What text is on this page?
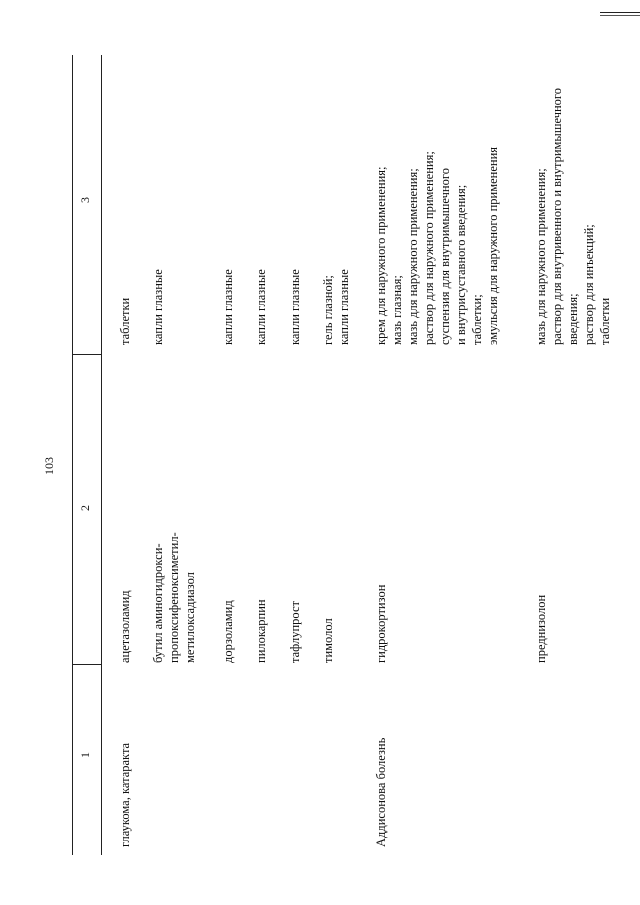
103
1
2
3
глаукома, катаракта
ацетазоламид
таблетки
бутил аминогидрокси-
пропоксифеноксиметил-
метилоксадиазол
капли глазные
дорзоламид
капли глазные
пилокарпин
капли глазные
тафлупрост
капли глазные
тимолол
гель глазной;
капли глазные
Аддисонова болезнь
гидрокортизон
крем для наружного применения;
мазь глазная;
мазь для наружного применения;
раствор для наружного применения;
суспензия для внутримышечного
и внутрисуставного введения;
таблетки;
эмульсия для наружного применения
преднизолон
мазь для наружного применения;
раствор для внутривенного и внутримышечного
введения;
раствор для инъекций;
таблетки
